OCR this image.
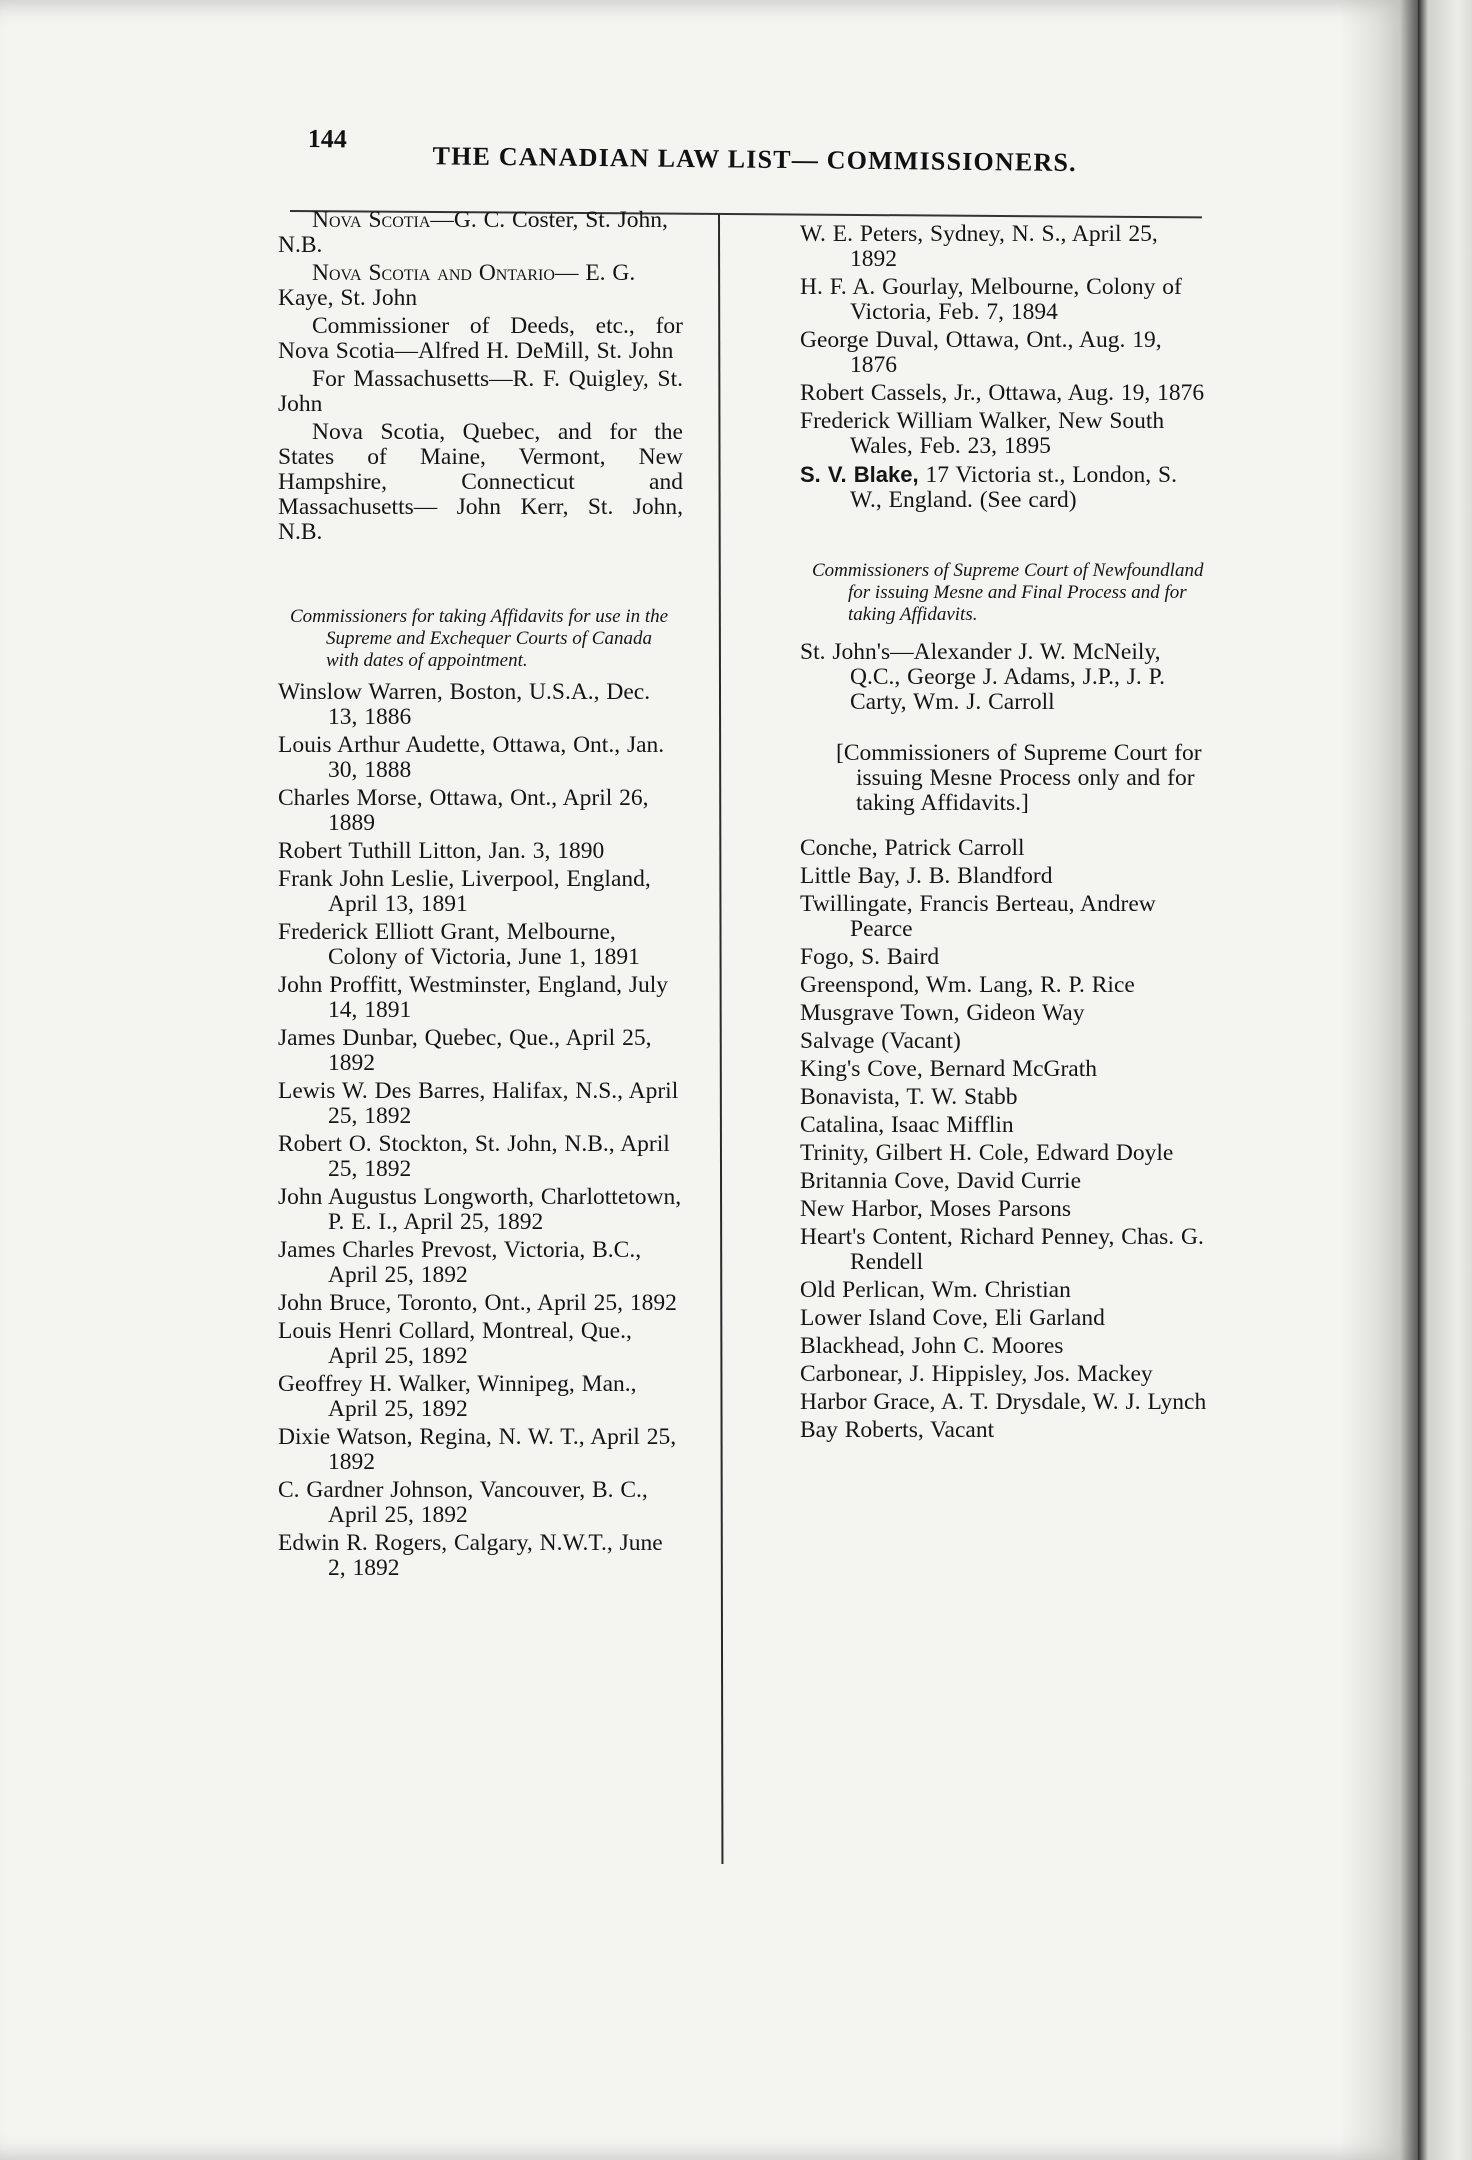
144
THE CANADIAN LAW LIST— COMMISSIONERS.
Nova Scotia—G. C. Coster, St. John, N.B.
Nova Scotia and Ontario— E. G. Kaye, St. John
Commissioner of Deeds, etc., for Nova Scotia—Alfred H. DeMill, St. John
For Massachusetts—R. F. Quigley, St. John
Nova Scotia, Quebec, and for the States of Maine, Vermont, New Hampshire, Connecticut and Massachusetts— John Kerr, St. John, N.B.
Commissioners for taking Affidavits for use in the Supreme and Exchequer Courts of Canada with dates of appointment.
Winslow Warren, Boston, U.S.A., Dec. 13, 1886
Louis Arthur Audette, Ottawa, Ont., Jan. 30, 1888
Charles Morse, Ottawa, Ont., April 26, 1889
Robert Tuthill Litton, Jan. 3, 1890
Frank John Leslie, Liverpool, England, April 13, 1891
Frederick Elliott Grant, Melbourne, Colony of Victoria, June 1, 1891
John Proffitt, Westminster, England, July 14, 1891
James Dunbar, Quebec, Que., April 25, 1892
Lewis W. Des Barres, Halifax, N.S., April 25, 1892
Robert O. Stockton, St. John, N.B., April 25, 1892
John Augustus Longworth, Charlottetown, P. E. I., April 25, 1892
James Charles Prevost, Victoria, B.C., April 25, 1892
John Bruce, Toronto, Ont., April 25, 1892
Louis Henri Collard, Montreal, Que., April 25, 1892
Geoffrey H. Walker, Winnipeg, Man., April 25, 1892
Dixie Watson, Regina, N. W. T., April 25, 1892
C. Gardner Johnson, Vancouver, B. C., April 25, 1892
Edwin R. Rogers, Calgary, N.W.T., June 2, 1892
W. E. Peters, Sydney, N. S., April 25, 1892
H. F. A. Gourlay, Melbourne, Colony of Victoria, Feb. 7, 1894
George Duval, Ottawa, Ont., Aug. 19, 1876
Robert Cassels, Jr., Ottawa, Aug. 19, 1876
Frederick William Walker, New South Wales, Feb. 23, 1895
S. V. Blake, 17 Victoria st., London, S. W., England. (See card)
Commissioners of Supreme Court of Newfoundland for issuing Mesne and Final Process and for taking Affidavits.
St. John's—Alexander J. W. McNeily, Q.C., George J. Adams, J.P., J. P. Carty, Wm. J. Carroll
[Commissioners of Supreme Court for issuing Mesne Process only and for taking Affidavits.]
Conche, Patrick Carroll
Little Bay, J. B. Blandford
Twillingate, Francis Berteau, Andrew Pearce
Fogo, S. Baird
Greenspond, Wm. Lang, R. P. Rice
Musgrave Town, Gideon Way
Salvage (Vacant)
King's Cove, Bernard McGrath
Bonavista, T. W. Stabb
Catalina, Isaac Mifflin
Trinity, Gilbert H. Cole, Edward Doyle
Britannia Cove, David Currie
New Harbor, Moses Parsons
Heart's Content, Richard Penney, Chas. G. Rendell
Old Perlican, Wm. Christian
Lower Island Cove, Eli Garland
Blackhead, John C. Moores
Carbonear, J. Hippisley, Jos. Mackey
Harbor Grace, A. T. Drysdale, W. J. Lynch
Bay Roberts, Vacant
